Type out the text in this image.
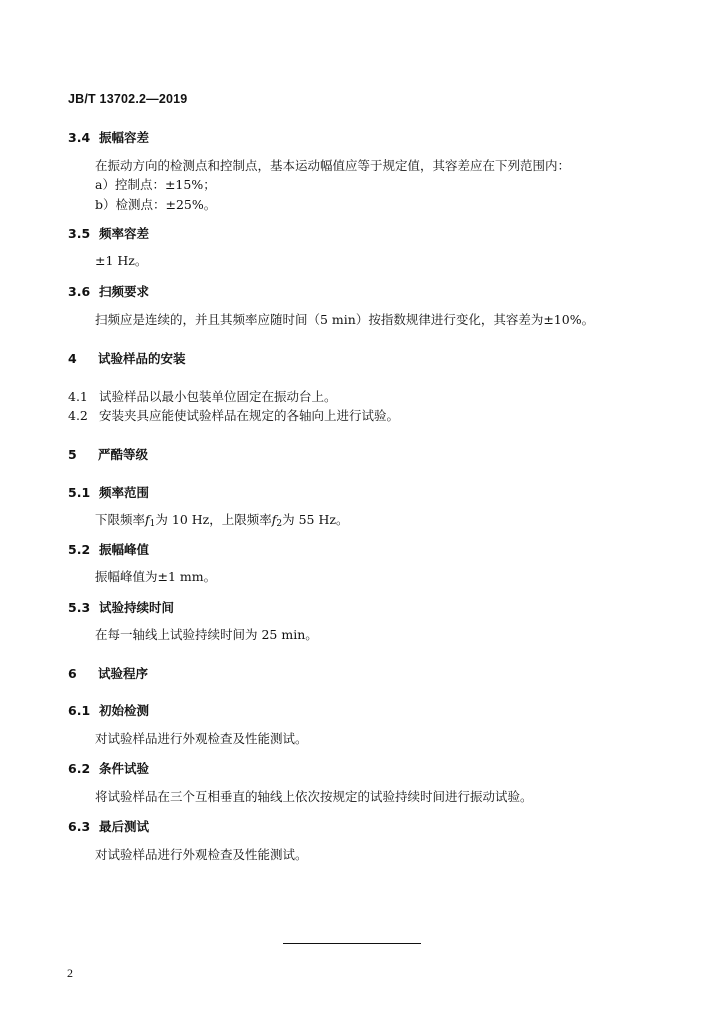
JB/T 13702.2—2019
3.4 振幅容差
在振动方向的检测点和控制点，基本运动幅值应等于规定值，其容差应在下列范围内：
a）控制点：±15%；
b）检测点：±25%。
3.5 频率容差
±1 Hz。
3.6 扫频要求
扫频应是连续的，并且其频率应随时间（5 min）按指数规律进行变化，其容差为±10%。
4 试验样品的安装
4.1 试验样品以最小包装单位固定在振动台上。
4.2 安装夹具应能使试验样品在规定的各轴向上进行试验。
5 严酷等级
5.1 频率范围
下限频率$f_1$为 10 Hz，上限频率$f_2$为 55 Hz。
5.2 振幅峰值
振幅峰值为±1 mm。
5.3 试验持续时间
在每一轴线上试验持续时间为 25 min。
6 试验程序
6.1 初始检测
对试验样品进行外观检查及性能测试。
6.2 条件试验
将试验样品在三个互相垂直的轴线上依次按规定的试验持续时间进行振动试验。
6.3 最后测试
对试验样品进行外观检查及性能测试。
2
